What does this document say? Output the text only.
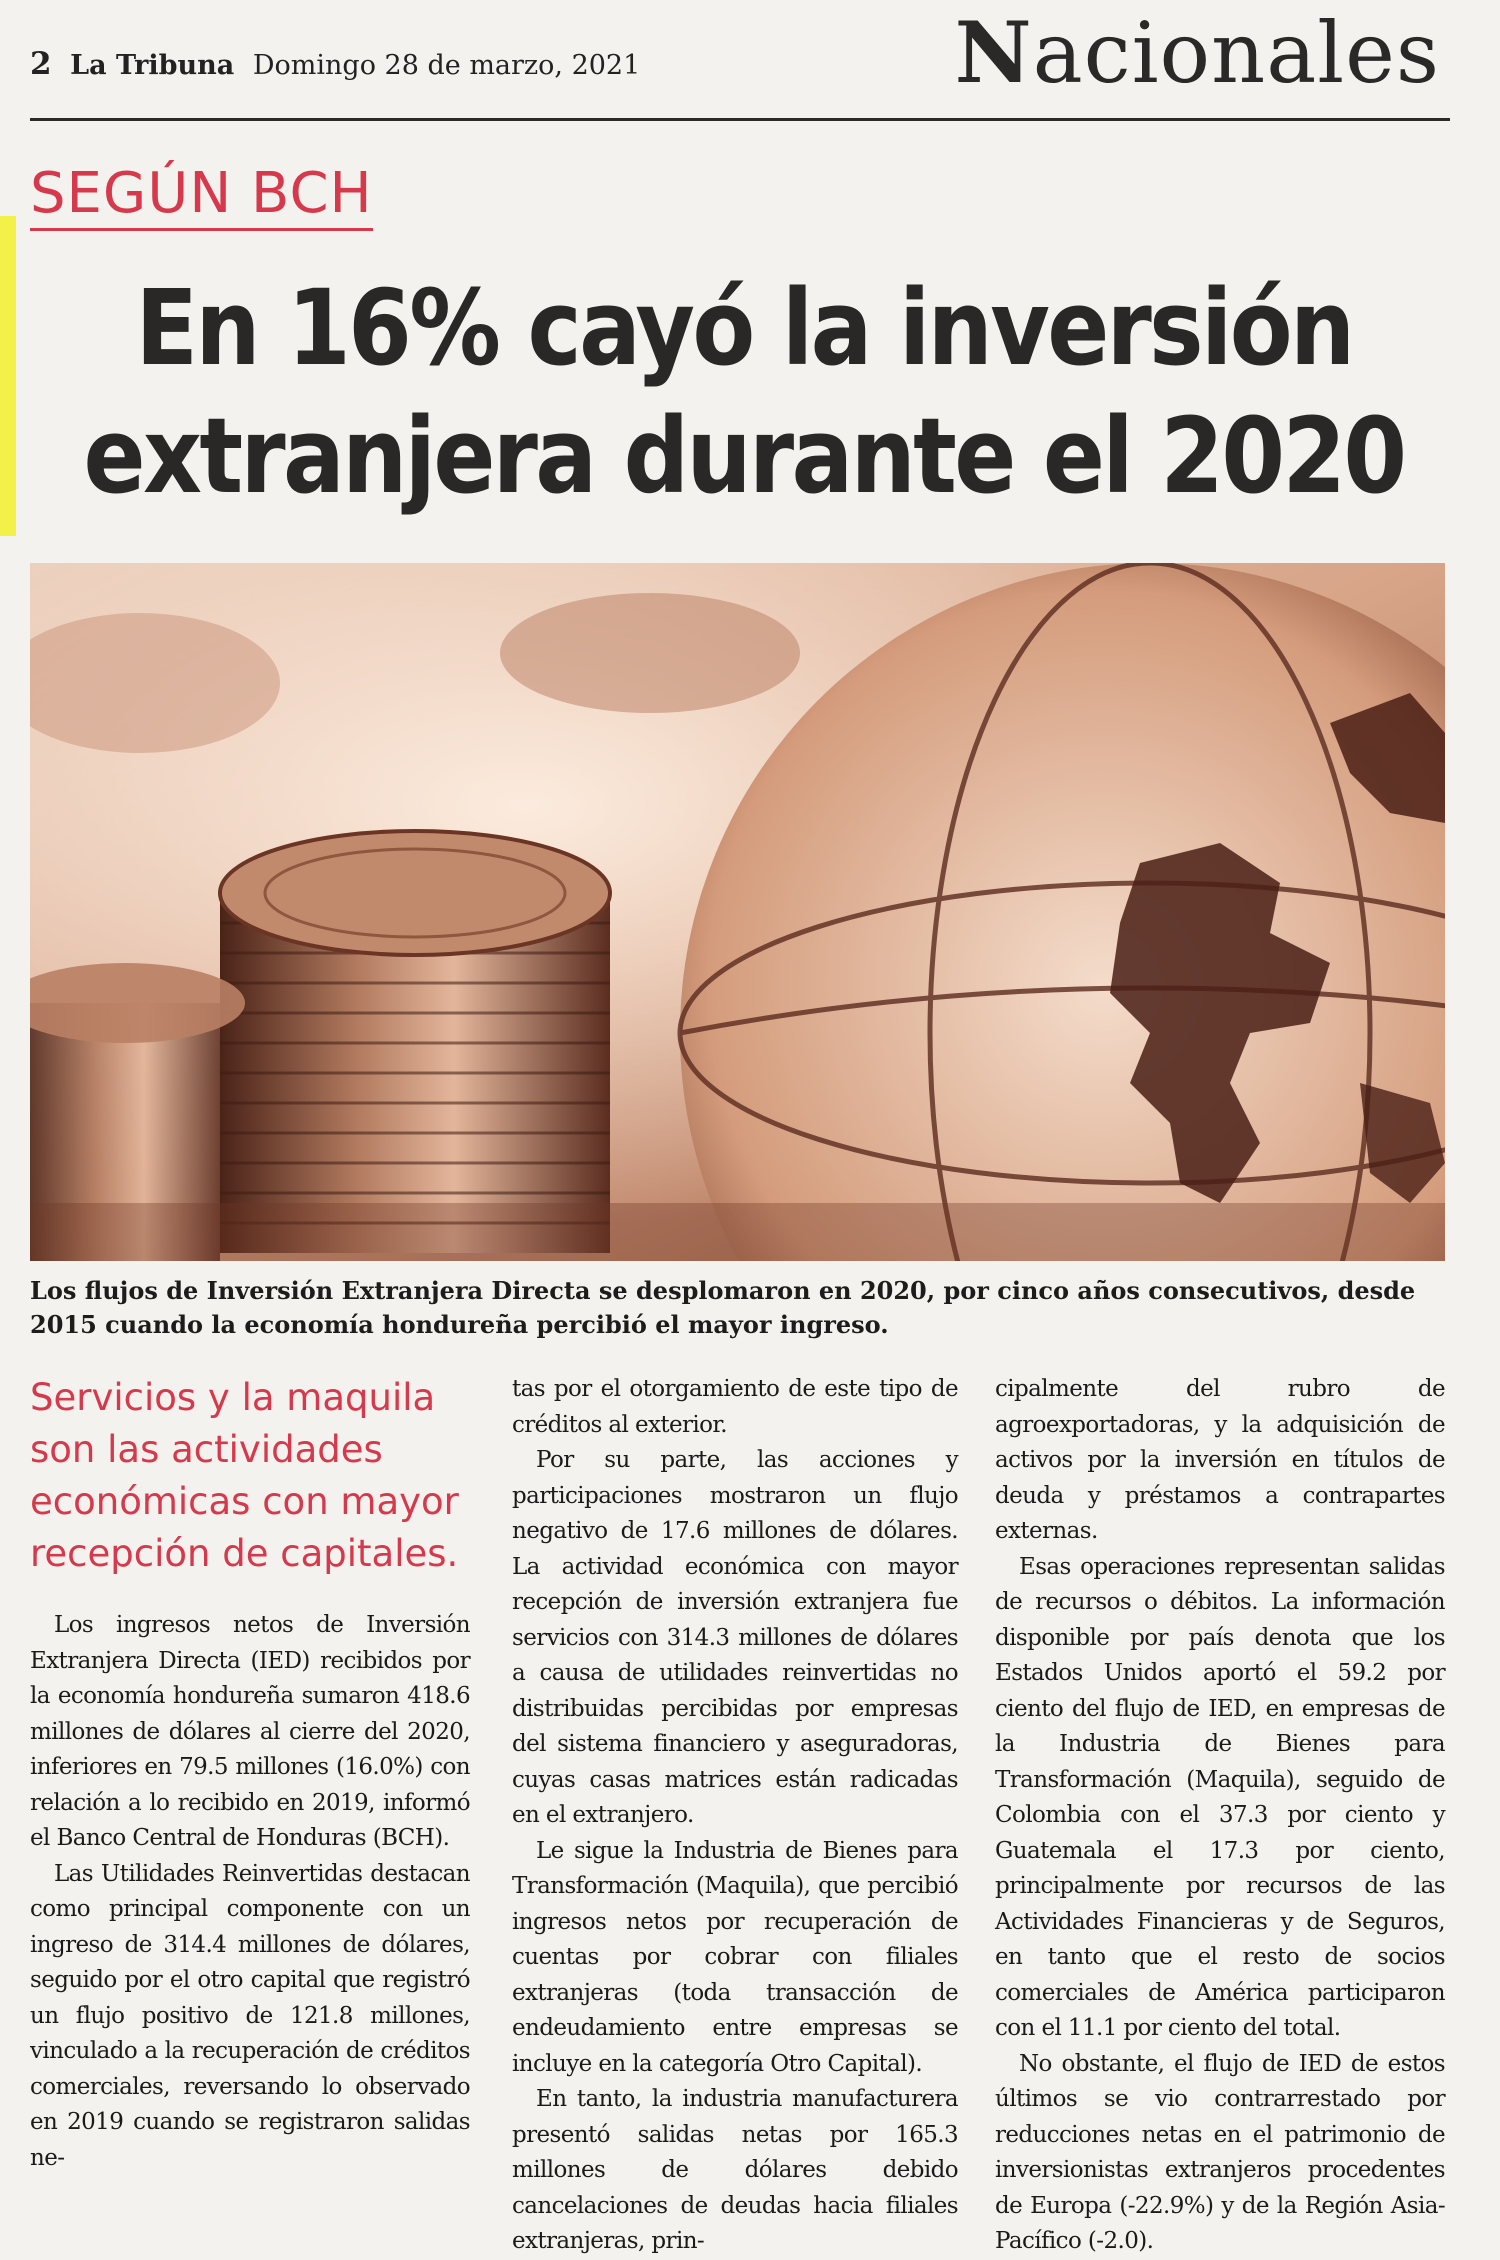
2 La Tribuna Domingo 28 de marzo, 2021	Nacionales
SEGÚN BCH
En 16% cayó la inversión
extranjera durante el 2020

Los flujos de Inversión Extranjera Directa se desplomaron en 2020, por cinco años consecutivos, desde 2015 cuando la economía hondureña percibió el mayor ingreso.

Servicios y la maquila son las actividades económicas con mayor recepción de capitales.

Los ingresos netos de Inversión Extranjera Directa (IED) recibidos por la economía hondureña sumaron 418.6 millones de dólares al cierre del 2020, inferiores en 79.5 millones (16.0%) con relación a lo recibido en 2019, informó el Banco Central de Honduras (BCH).

Las Utilidades Reinvertidas destacan como principal componente con un ingreso de 314.4 millones de dólares, seguido por el otro capital que registró un flujo positivo de 121.8 millones, vinculado a la recuperación de créditos comerciales, reversando lo observado en 2019 cuando se registraron salidas ne-

tas por el otorgamiento de este tipo de créditos al exterior.

Por su parte, las acciones y participaciones mostraron un flujo negativo de 17.6 millones de dólares. La actividad económica con mayor recepción de inversión extranjera fue servicios con 314.3 millones de dólares a causa de utilidades reinvertidas no distribuidas percibidas por empresas del sistema financiero y aseguradoras, cuyas casas matrices están radicadas en el extranjero.

Le sigue la Industria de Bienes para Transformación (Maquila), que percibió ingresos netos por recuperación de cuentas por cobrar con filiales extranjeras (toda transacción de endeudamiento entre empresas se incluye en la categoría Otro Capital).

En tanto, la industria manufacturera presentó salidas netas por 165.3 millones de dólares debido cancelaciones de deudas hacia filiales extranjeras, prin-

cipalmente del rubro de agroexportadoras, y la adquisición de activos por la inversión en títulos de deuda y préstamos a contrapartes externas.

Esas operaciones representan salidas de recursos o débitos. La información disponible por país denota que los Estados Unidos aportó el 59.2 por ciento del flujo de IED, en empresas de la Industria de Bienes para Transformación (Maquila), seguido de Colombia con el 37.3 por ciento y Guatemala el 17.3 por ciento, principalmente por recursos de las Actividades Financieras y de Seguros, en tanto que el resto de socios comerciales de América participaron con el 11.1 por ciento del total.

No obstante, el flujo de IED de estos últimos se vio contrarrestado por reducciones netas en el patrimonio de inversionistas extranjeros procedentes de Europa (-22.9%) y de la Región Asia-Pacífico (-2.0).
